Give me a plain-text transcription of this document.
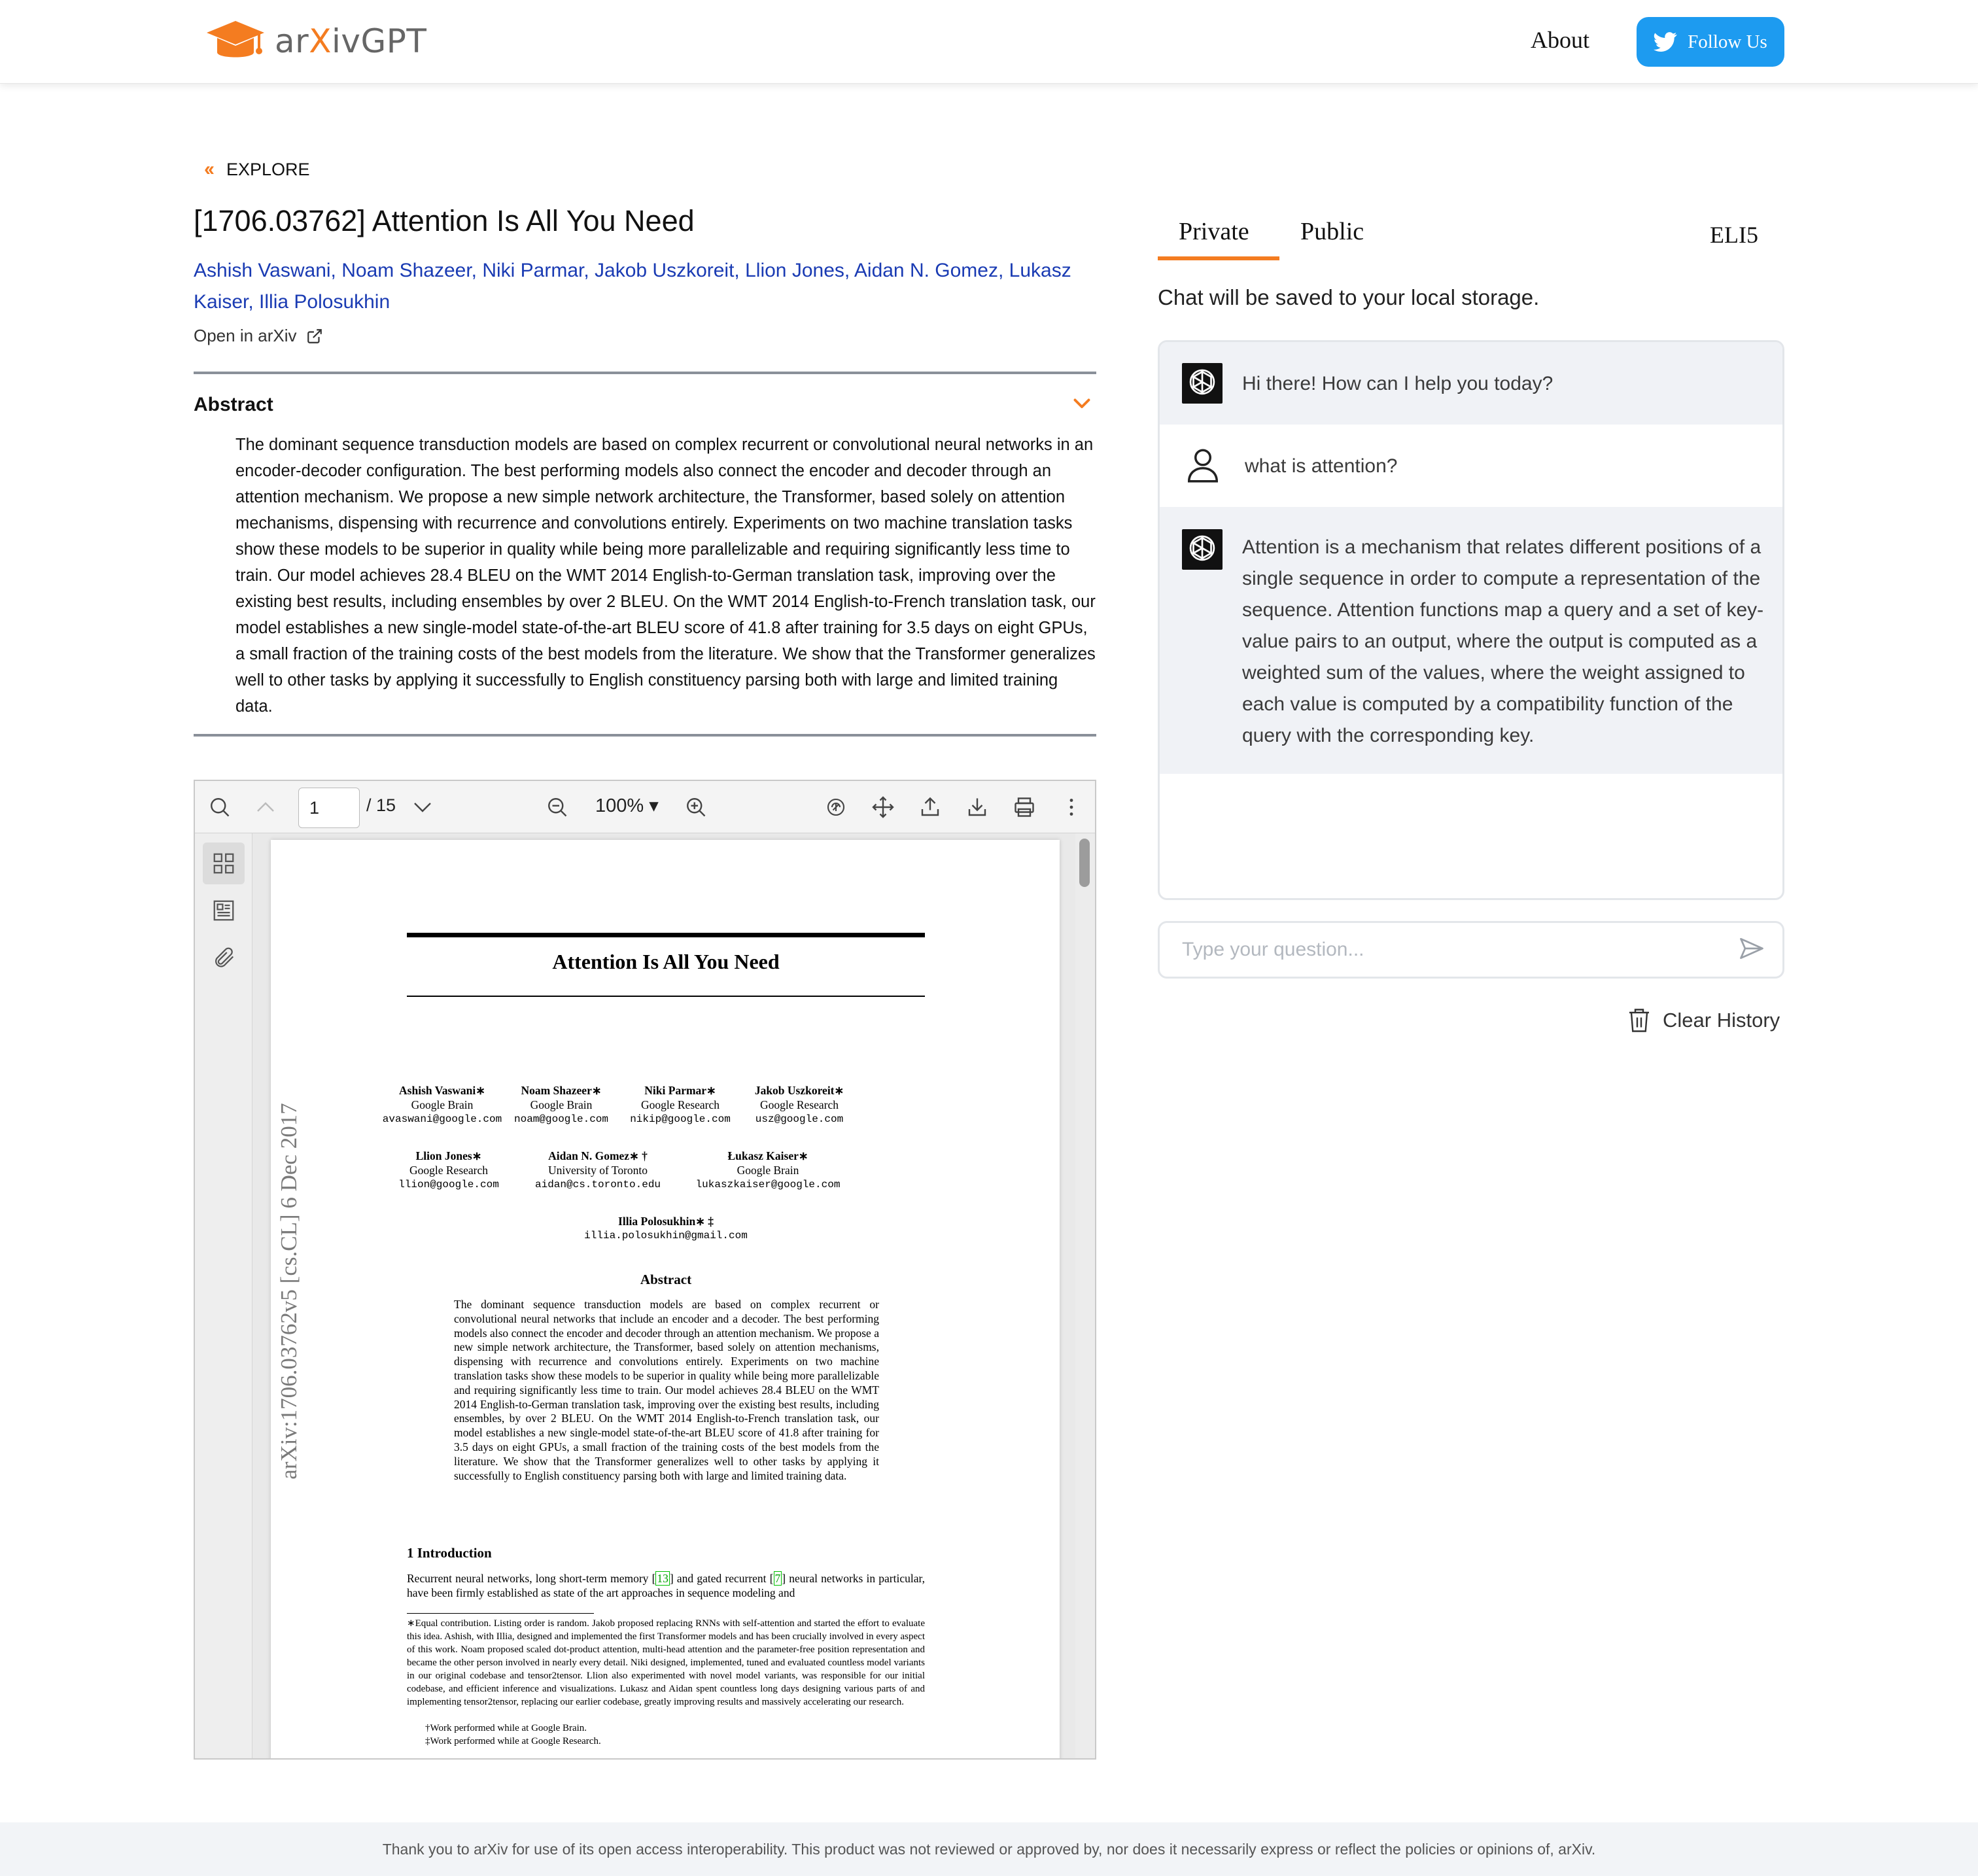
arXivGPT	About	Follow Us
‹‹ EXPLORE
[1706.03762] Attention Is All You Need
Ashish Vaswani, Noam Shazeer, Niki Parmar, Jakob Uszkoreit, Llion Jones, Aidan N. Gomez, Lukasz Kaiser, Illia Polosukhin
Open in arXiv
Abstract

The dominant sequence transduction models are based on complex recurrent or convolutional neural networks in an encoder-decoder configuration. The best performing models also connect the encoder and decoder through an attention mechanism. We propose a new simple network architecture, the Transformer, based solely on attention mechanisms, dispensing with recurrence and convolutions entirely. Experiments on two machine translation tasks show these models to be superior in quality while being more parallelizable and requiring significantly less time to train. Our model achieves 28.4 BLEU on the WMT 2014 English-to-German translation task, improving over the existing best results, including ensembles by over 2 BLEU. On the WMT 2014 English-to-French translation task, our model establishes a new single-model state-of-the-art BLEU score of 41.8 after training for 3.5 days on eight GPUs, a small fraction of the training costs of the best models from the literature. We show that the Transformer generalizes well to other tasks by applying it successfully to English constituency parsing both with large and limited training data.

1
/ 15	100% ▾
arXiv:1706.03762v5 [cs.CL] 6 Dec 2017
Attention Is All You Need
Ashish Vaswani∗
Google Brain
avaswani@google.com
Noam Shazeer∗
Google Brain
noam@google.com
Niki Parmar∗
Google Research
nikip@google.com
Jakob Uszkoreit∗
Google Research
usz@google.com
Llion Jones∗
Google Research
llion@google.com
Aidan N. Gomez∗ †
University of Toronto
aidan@cs.toronto.edu
Łukasz Kaiser∗
Google Brain
lukaszkaiser@google.com
Illia Polosukhin∗ ‡
illia.polosukhin@gmail.com
Abstract

The dominant sequence transduction models are based on complex recurrent or convolutional neural networks that include an encoder and a decoder. The best performing models also connect the encoder and decoder through an attention mechanism. We propose a new simple network architecture, the Transformer, based solely on attention mechanisms, dispensing with recurrence and convolutions entirely. Experiments on two machine translation tasks show these models to be superior in quality while being more parallelizable and requiring significantly less time to train. Our model achieves 28.4 BLEU on the WMT 2014 English-to-German translation task, improving over the existing best results, including ensembles, by over 2 BLEU. On the WMT 2014 English-to-French translation task, our model establishes a new single-model state-of-the-art BLEU score of 41.8 after training for 3.5 days on eight GPUs, a small fraction of the training costs of the best models from the literature. We show that the Transformer generalizes well to other tasks by applying it successfully to English constituency parsing both with large and limited training data.

1 Introduction

Recurrent neural networks, long short-term memory [ 13 ] and gated recurrent [ 7 ] neural networks in particular, have been firmly established as state of the art approaches in sequence modeling and

∗Equal contribution. Listing order is random. Jakob proposed replacing RNNs with self-attention and started the effort to evaluate this idea. Ashish, with Illia, designed and implemented the first Transformer models and has been crucially involved in every aspect of this work. Noam proposed scaled dot-product attention, multi-head attention and the parameter-free position representation and became the other person involved in nearly every detail. Niki designed, implemented, tuned and evaluated countless model variants in our original codebase and tensor2tensor. Llion also experimented with novel model variants, was responsible for our initial codebase, and efficient inference and visualizations. Lukasz and Aidan spent countless long days designing various parts of and implementing tensor2tensor, replacing our earlier codebase, greatly improving results and massively accelerating our research.

†Work performed while at Google Brain.
‡Work performed while at Google Research.
Private Public	ELI5
Chat will be saved to your local storage.
Hi there! How can I help you today?
what is attention?
Attention is a mechanism that relates different positions of a single sequence in order to compute a representation of the sequence. Attention functions map a query and a set of key-value pairs to an output, where the output is computed as a weighted sum of the values, where the weight assigned to each value is computed by a compatibility function of the query with the corresponding key.
Type your question...
Clear History
Thank you to arXiv for use of its open access interoperability. This product was not reviewed or approved by, nor does it necessarily express or reflect the policies or opinions of, arXiv.
